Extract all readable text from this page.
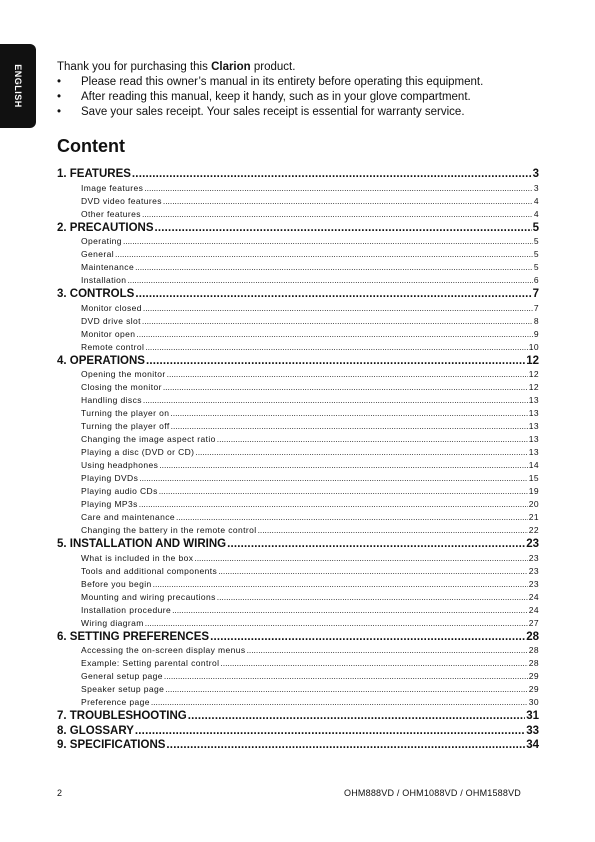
ENGLISH	Thank you for purchasing this Clarion product.

• Please read this owner’s manual in its entirety before operating this equipment.
• After reading this manual, keep it handy, such as in your glove compartment.
• Save your sales receipt. Your sales receipt is essential for warranty service.
Content
1. FEATURES . . .	3
Image features . . .	3
DVD video features . . .	4
Other features . . .	4
2. PRECAUTIONS . . .	5
Operating . . .	5
General . . .	5
Maintenance . . .	5
Installation . . .	6
3. CONTROLS . . .	7
Monitor closed . . .	7
DVD drive slot . . .	8
Monitor open . . .	9
Remote control . . .	10
4. OPERATIONS . . .	12
Opening the monitor . . .	12
Closing the monitor . . .	12
Handling discs . . .	13
Turning the player on . . .	13
Turning the player off . . .	13
Changing the image aspect ratio . . .	13
Playing a disc (DVD or CD) . . .	13
Using headphones . . .	14
Playing DVDs . . .	15
Playing audio CDs . . .	19
Playing MP3s . . .	20
Care and maintenance . . .	21
Changing the battery in the remote control . . .	22
5. INSTALLATION AND WIRING . . .	23
What is included in the box . . .	23
Tools and additional components . . .	23
Before you begin . . .	23
Mounting and wiring precautions . . .	24
Installation procedure . . .	24
Wiring diagram . . .	27
6. SETTING PREFERENCES . . .	28
Accessing the on-screen display menus . . .	28
Example: Setting parental control . . .	28
General setup page . . .	29
Speaker setup page . . .	29
Preference page . . .	30
7. TROUBLESHOOTING . . .	31
8. GLOSSARY . . .	33
9. SPECIFICATIONS . . .	34
2	OHM888VD / OHM1088VD / OHM1588VD
